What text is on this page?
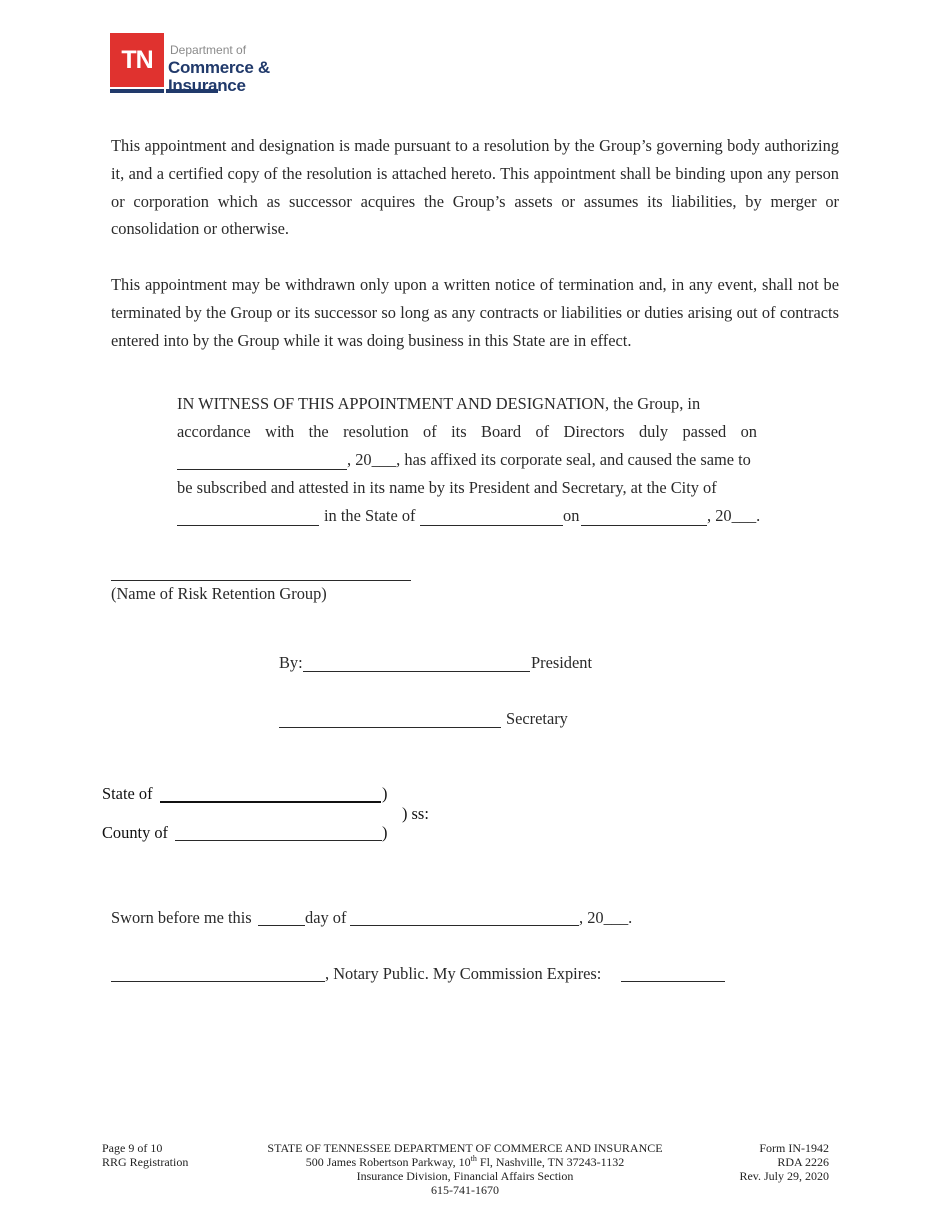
TN	Department of
Commerce &
Insurance

This appointment and designation is made pursuant to a resolution by the Group’s governing body authorizing it, and a certified copy of the resolution is attached hereto. This appointment shall be binding upon any person or corporation which as successor acquires the Group’s assets or assumes its liabilities, by merger or consolidation or otherwise.

This appointment may be withdrawn only upon a written notice of termination and, in any event, shall not be terminated by the Group or its successor so long as any contracts or liabilities or duties arising out of contracts entered into by the Group while it was doing business in this State are in effect.

IN WITNESS OF THIS APPOINTMENT AND DESIGNATION, the Group, in
accordance with the resolution of its Board of Directors duly passed on
, 20___, has affixed its corporate seal, and caused the same to
be subscribed and attested in its name by its President and Secretary, at the City of
in the State of	on	, 20___.
(Name of Risk Retention Group)
By:	President
Secretary
State of	)
) ss:
County of	)
Sworn before me this	day of	, 20___.
, Notary Public. My Commission Expires:
Page 9 of 10
RRG Registration
STATE OF TENNESSEE DEPARTMENT OF COMMERCE AND INSURANCE
500 James Robertson Parkway, 10th Fl, Nashville, TN 37243-1132
Insurance Division, Financial Affairs Section
615-741-1670
Form IN-1942
RDA 2226
Rev. July 29, 2020
